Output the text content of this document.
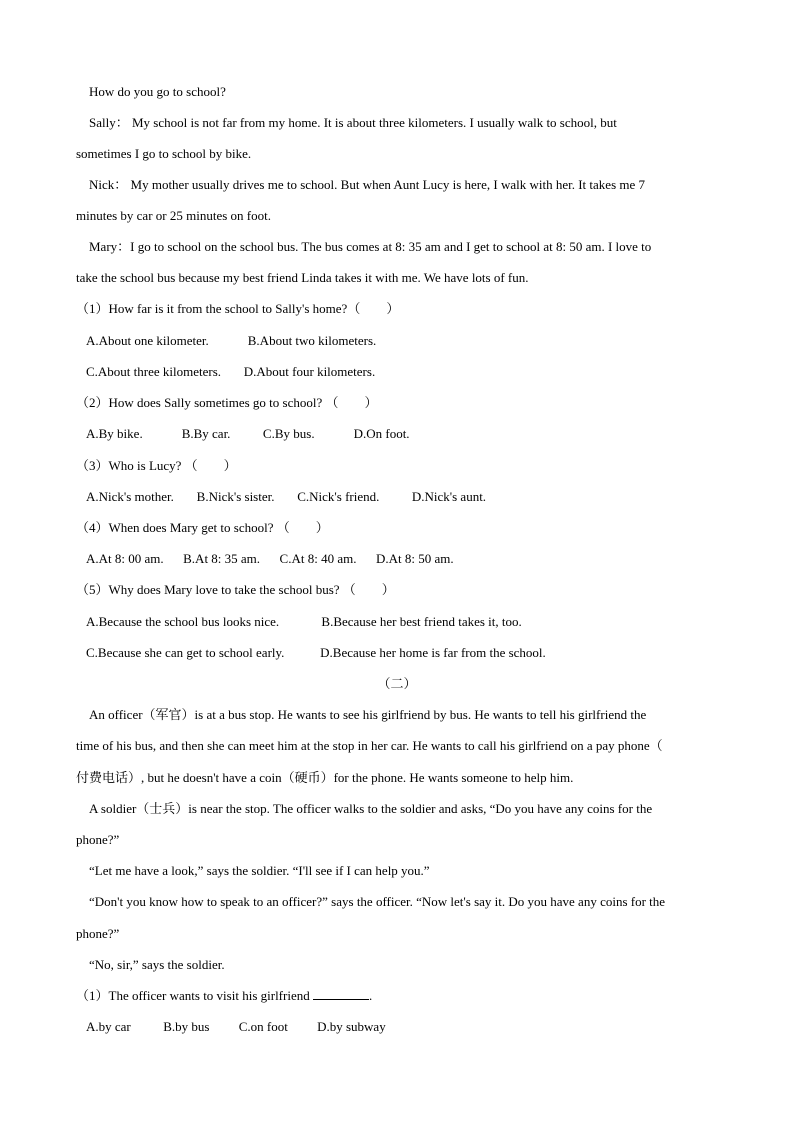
How do you go to school?
Sally： My school is not far from my home. It is about three kilometers. I usually walk to school, but
sometimes I go to school by bike.
Nick： My mother usually drives me to school. But when Aunt Lucy is here, I walk with her. It takes me 7
minutes by car or 25 minutes on foot.
Mary：I go to school on the school bus. The bus comes at 8: 35 am and I get to school at 8: 50 am. I love to
take the school bus because my best friend Linda takes it with me. We have lots of fun.
（1）How far is it from the school to Sally's home?（　　）
A.About one kilometer.            B.About two kilometers.
C.About three kilometers.       D.About four kilometers.
（2）How does Sally sometimes go to school? （　　）
A.By bike.            B.By car.          C.By bus.            D.On foot.
（3）Who is Lucy? （　　）
A.Nick's mother.       B.Nick's sister.       C.Nick's friend.          D.Nick's aunt.
（4）When does Mary get to school? （　　）
A.At 8: 00 am.      B.At 8: 35 am.      C.At 8: 40 am.      D.At 8: 50 am.
（5）Why does Mary love to take the school bus? （　　）
A.Because the school bus looks nice.             B.Because her best friend takes it, too.
C.Because she can get to school early.           D.Because her home is far from the school.
（二）
An officer（军官）is at a bus stop. He wants to see his girlfriend by bus. He wants to tell his girlfriend the
time of his bus, and then she can meet him at the stop in her car. He wants to call his girlfriend on a pay phone（
付费电话）, but he doesn't have a coin（硬币）for the phone. He wants someone to help him.
A soldier（士兵）is near the stop. The officer walks to the soldier and asks, “Do you have any coins for the
phone?”
“Let me have a look,” says the soldier. “I'll see if I can help you.”
“Don't you know how to speak to an officer?” says the officer. “Now let's say it. Do you have any coins for the
phone?”
“No, sir,” says the soldier.
（1）The officer wants to visit his girlfriend	.
A.by car          B.by bus         C.on foot         D.by subway
